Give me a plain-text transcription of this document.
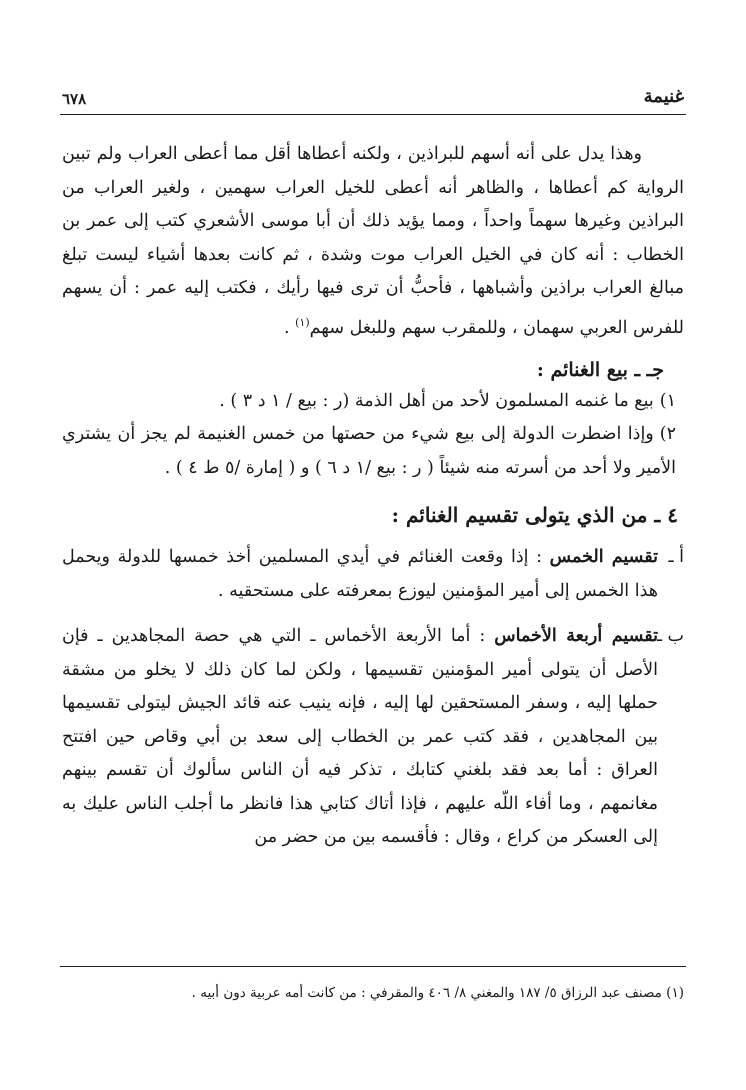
غنيمة
٦٧٨

وهذا يدل على أنه أسهم للبراذين ، ولكنه أعطاها أقل مما أعطى العراب ولم تبين الرواية كم أعطاها ، والظاهر أنه أعطى للخيل العراب سهمين ، ولغير العراب من البراذين وغيرها سهماً واحداً ، ومما يؤيد ذلك أن أبا موسى الأشعري كتب إلى عمر بن الخطاب : أنه كان في الخيل العراب موت وشدة ، ثم كانت بعدها أشياء ليست تبلغ مبالغ العراب براذين وأشباهها ، فأحبُّ أن ترى فيها رأيك ، فكتب إليه عمر : أن يسهم للفرس العربي سهمان ، وللمقرب سهم وللبغل سهم$^{(١)}$ .

جـ ـ بيع الغنائم :

١)بيع ما غنمه المسلمون لأحد من أهل الذمة (ر : بيع / ١ د ٣ ) .

٢)وإذا اضطرت الدولة إلى بيع شيء من حصتها من خمس الغنيمة لم يجز أن يشتري الأمير ولا أحد من أسرته منه شيئاً ( ر : بيع /١ د ٦ ) و ( إمارة /٥ ط ٤ ) .

٤ ـ من الذي يتولى تقسيم الغنائم :

أ ـ
تقسيم الخمس : إذا وقعت الغنائم في أيدي المسلمين أخذ خمسها للدولة ويحمل هذا الخمس إلى أمير المؤمنين ليوزع بمعرفته على مستحقيه .

ب ـ
تقسيم أربعة الأخماس : أما الأربعة الأخماس ـ التي هي حصة المجاهدين ـ فإن الأصل أن يتولى أمير المؤمنين تقسيمها ، ولكن لما كان ذلك لا يخلو من مشقة حملها إليه ، وسفر المستحقين لها إليه ، فإنه ينيب عنه قائد الجيش ليتولى تقسيمها بين المجاهدين ، فقد كتب عمر بن الخطاب إلى سعد بن أبي وقاص حين افتتح العراق : أما بعد فقد بلغني كتابك ، تذكر فيه أن الناس سألوك أن تقسم بينهم مغانمهم ، وما أفاء اللّه عليهم ، فإذا أتاك كتابي هذا فانظر ما أجلب الناس عليك به إلى العسكر من كراع ، وقال : فأقسمه بين من حضر من

(١) مصنف عبد الرزاق ٥/ ١٨٧ والمغني ٨/ ٤٠٦ والمقرفي : من كانت أمه عربية دون أبيه .
